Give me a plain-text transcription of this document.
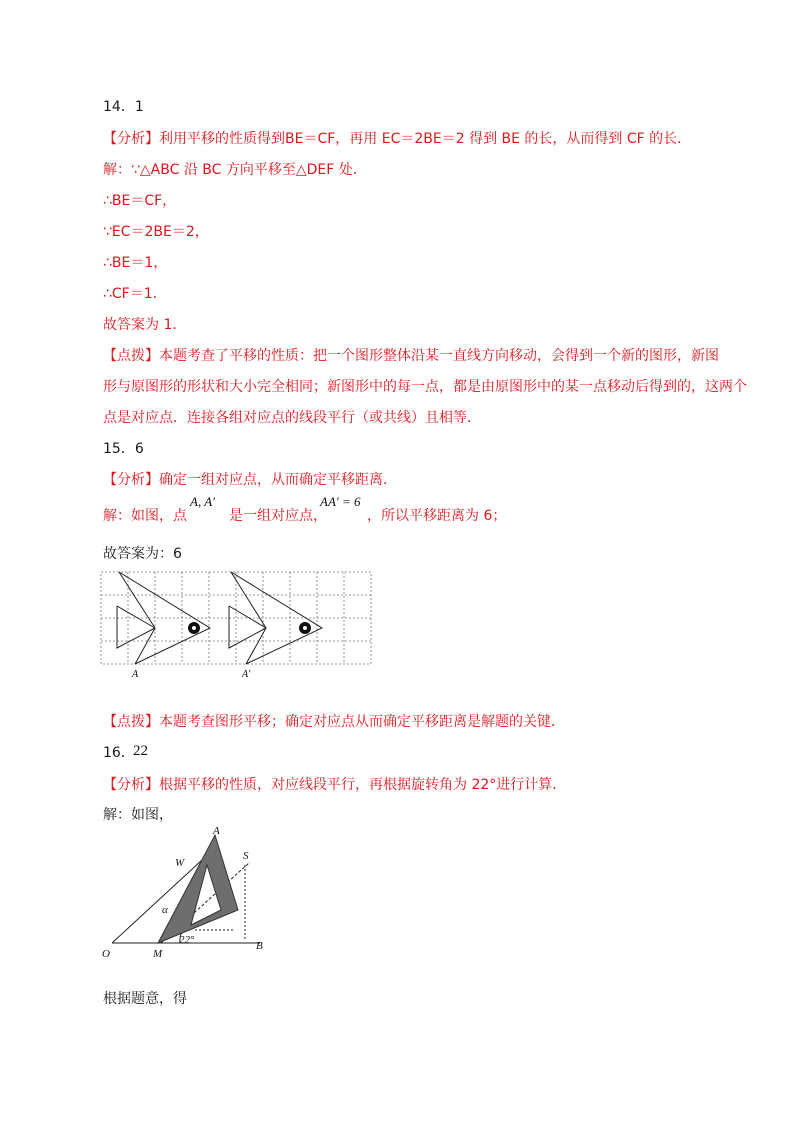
14．1
【分析】利用平移的性质得到BE＝CF，再用 EC＝2BE＝2 得到 BE 的长，从而得到 CF 的长．
解：∵△ABC 沿 BC 方向平移至△DEF 处．
∴BE＝CF，
∵EC＝2BE＝2，
∴BE＝1，
∴CF＝1．
故答案为 1．
【点拨】本题考查了平移的性质：把一个图形整体沿某一直线方向移动，会得到一个新的图形，新图
形与原图形的形状和大小完全相同；新图形中的每一点，都是由原图形中的某一点移动后得到的，这两个
点是对应点．连接各组对应点的线段平行（或共线）且相等．
15．6
【分析】确定一组对应点，从而确定平移距离．
解：如图，点
A, A′
是一组对应点，
AA′ = 6
，所以平移距离为 6；
故答案为：6
A	A′
【点拨】本题考查图形平移；确定对应点从而确定平移距离是解题的关键．
16．
22
【分析】根据平移的性质，对应线段平行，再根据旋转角为 22°进行计算．
解：如图，
A
W
S
α
22°
O	M
B
根据题意，得
